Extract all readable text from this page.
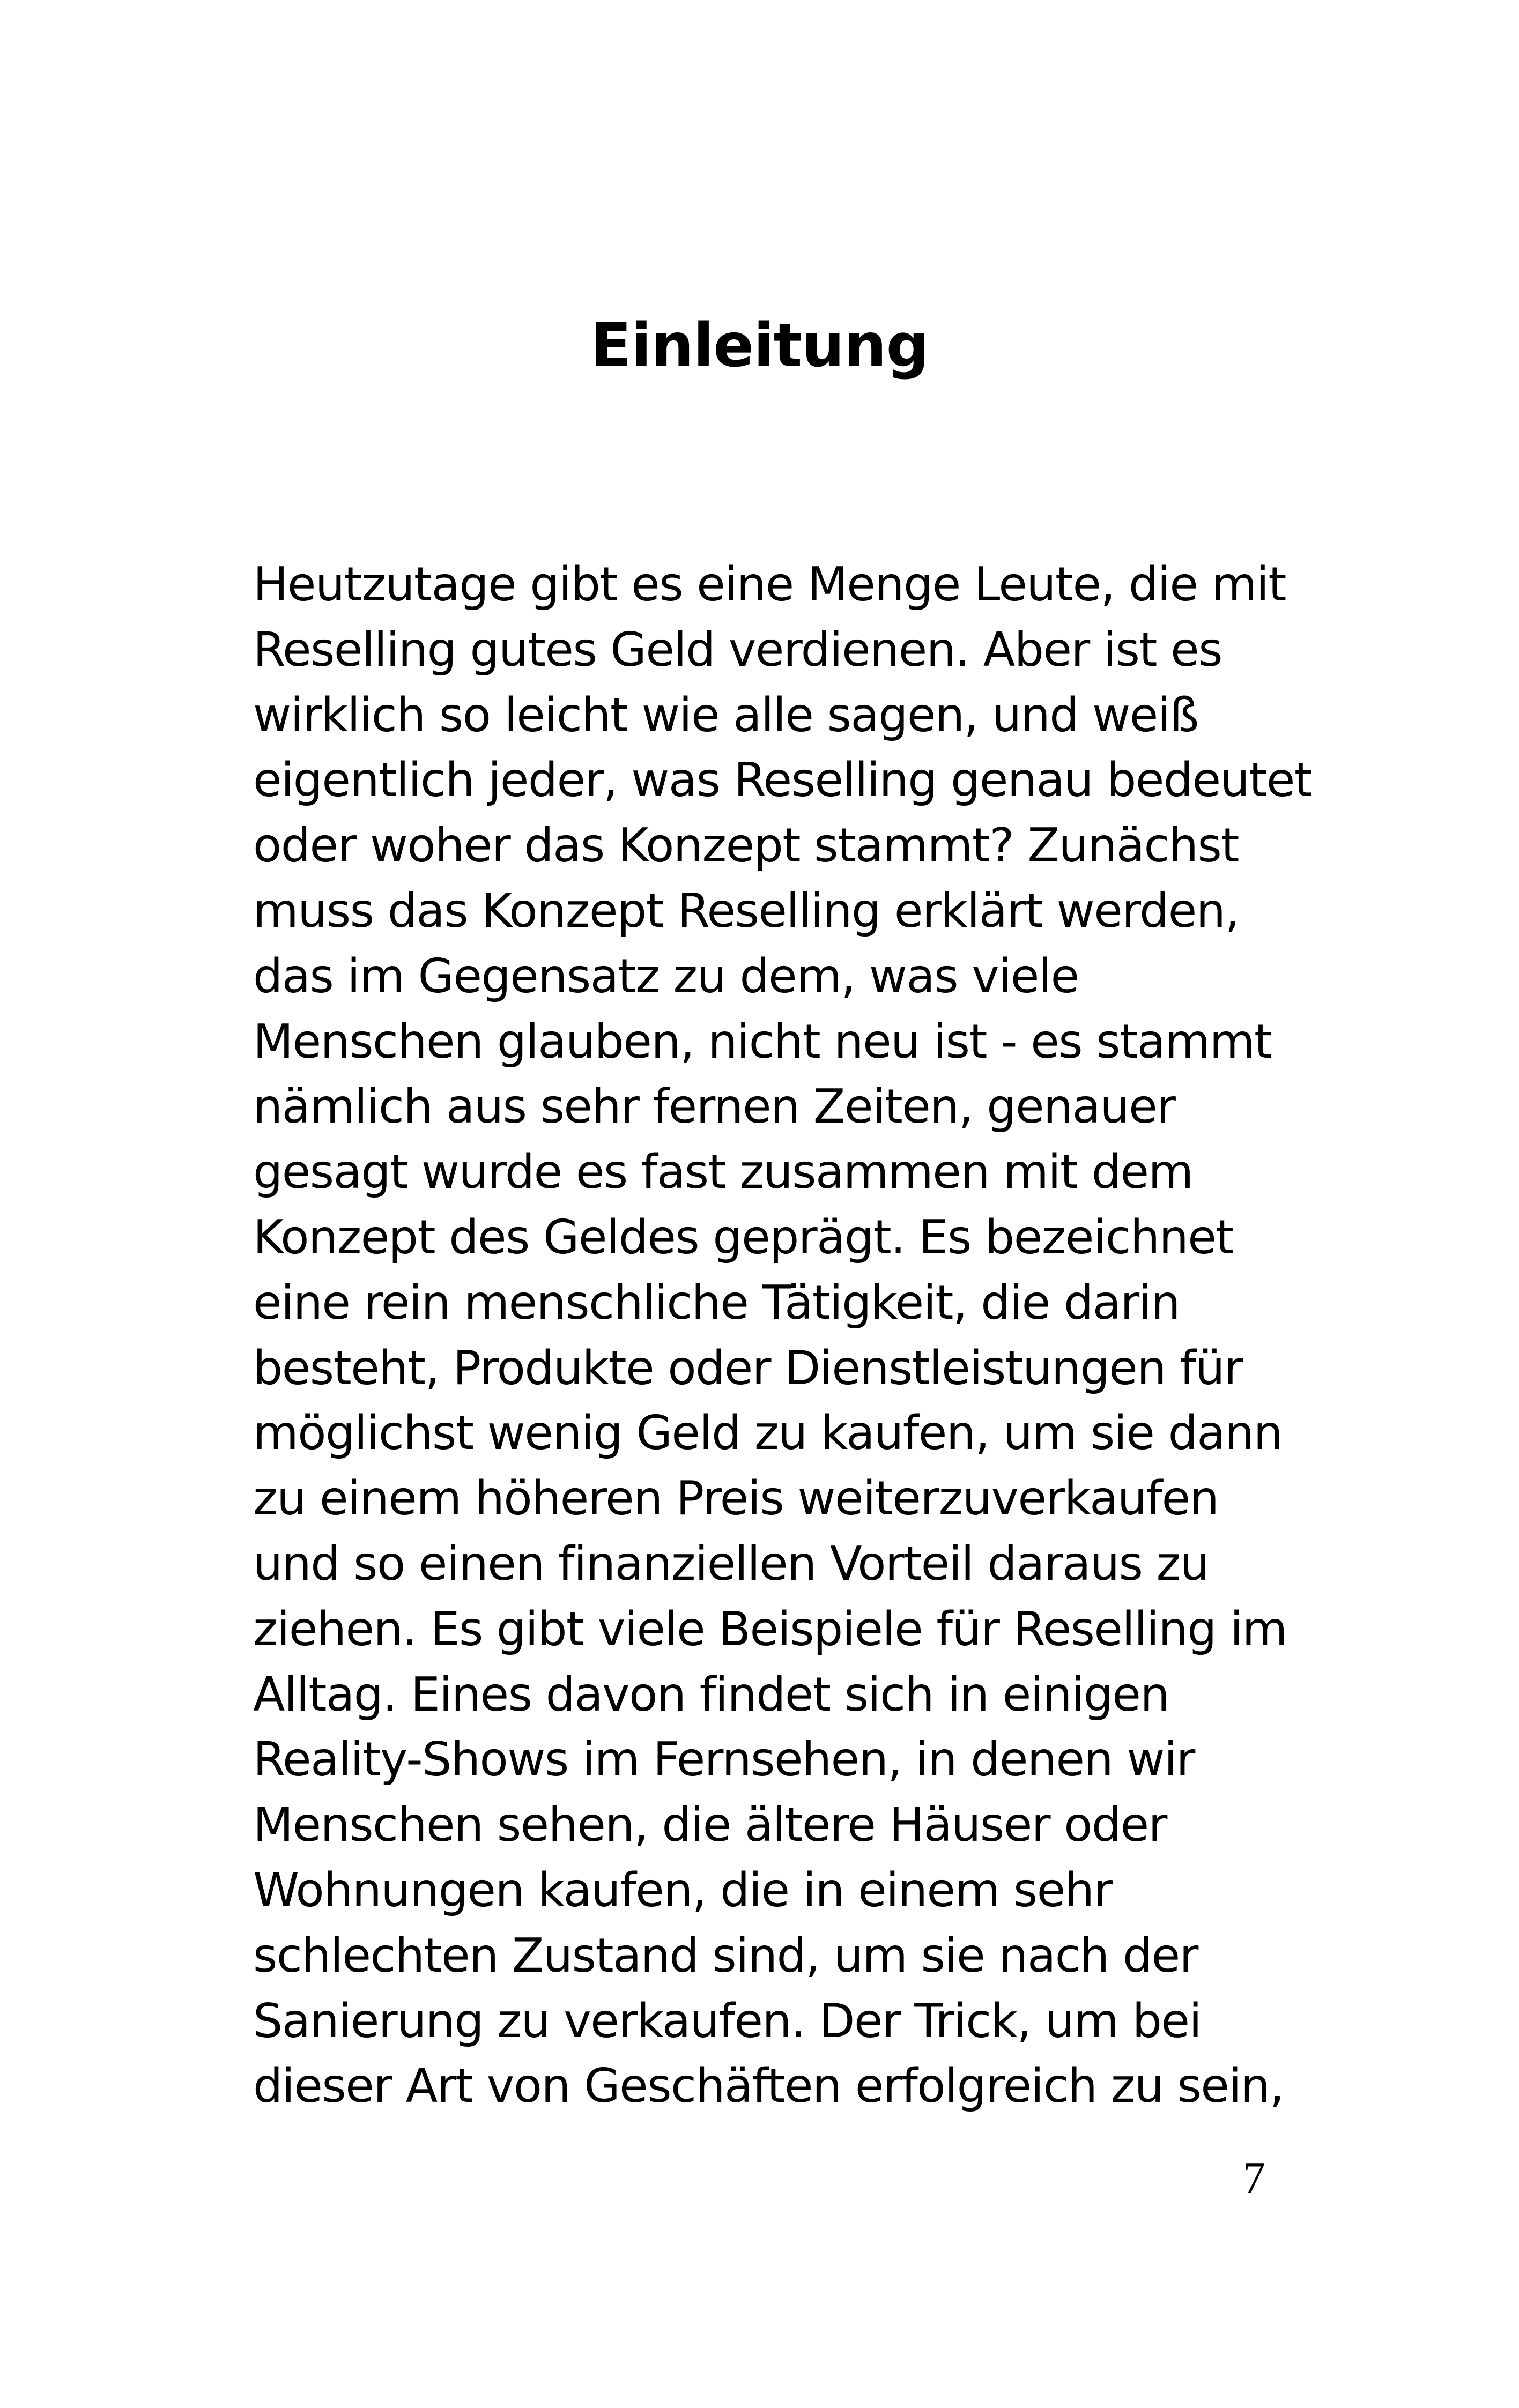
Einleitung
Heutzutage gibt es eine Menge Leute, die mit
Reselling gutes Geld verdienen. Aber ist es
wirklich so leicht wie alle sagen, und weiß
eigentlich jeder, was Reselling genau bedeutet
oder woher das Konzept stammt? Zunächst
muss das Konzept Reselling erklärt werden,
das im Gegensatz zu dem, was viele
Menschen glauben, nicht neu ist - es stammt
nämlich aus sehr fernen Zeiten, genauer
gesagt wurde es fast zusammen mit dem
Konzept des Geldes geprägt. Es bezeichnet
eine rein menschliche Tätigkeit, die darin
besteht, Produkte oder Dienstleistungen für
möglichst wenig Geld zu kaufen, um sie dann
zu einem höheren Preis weiterzuverkaufen
und so einen finanziellen Vorteil daraus zu
ziehen. Es gibt viele Beispiele für Reselling im
Alltag. Eines davon findet sich in einigen
Reality-Shows im Fernsehen, in denen wir
Menschen sehen, die ältere Häuser oder
Wohnungen kaufen, die in einem sehr
schlechten Zustand sind, um sie nach der
Sanierung zu verkaufen. Der Trick, um bei
dieser Art von Geschäften erfolgreich zu sein,
7
